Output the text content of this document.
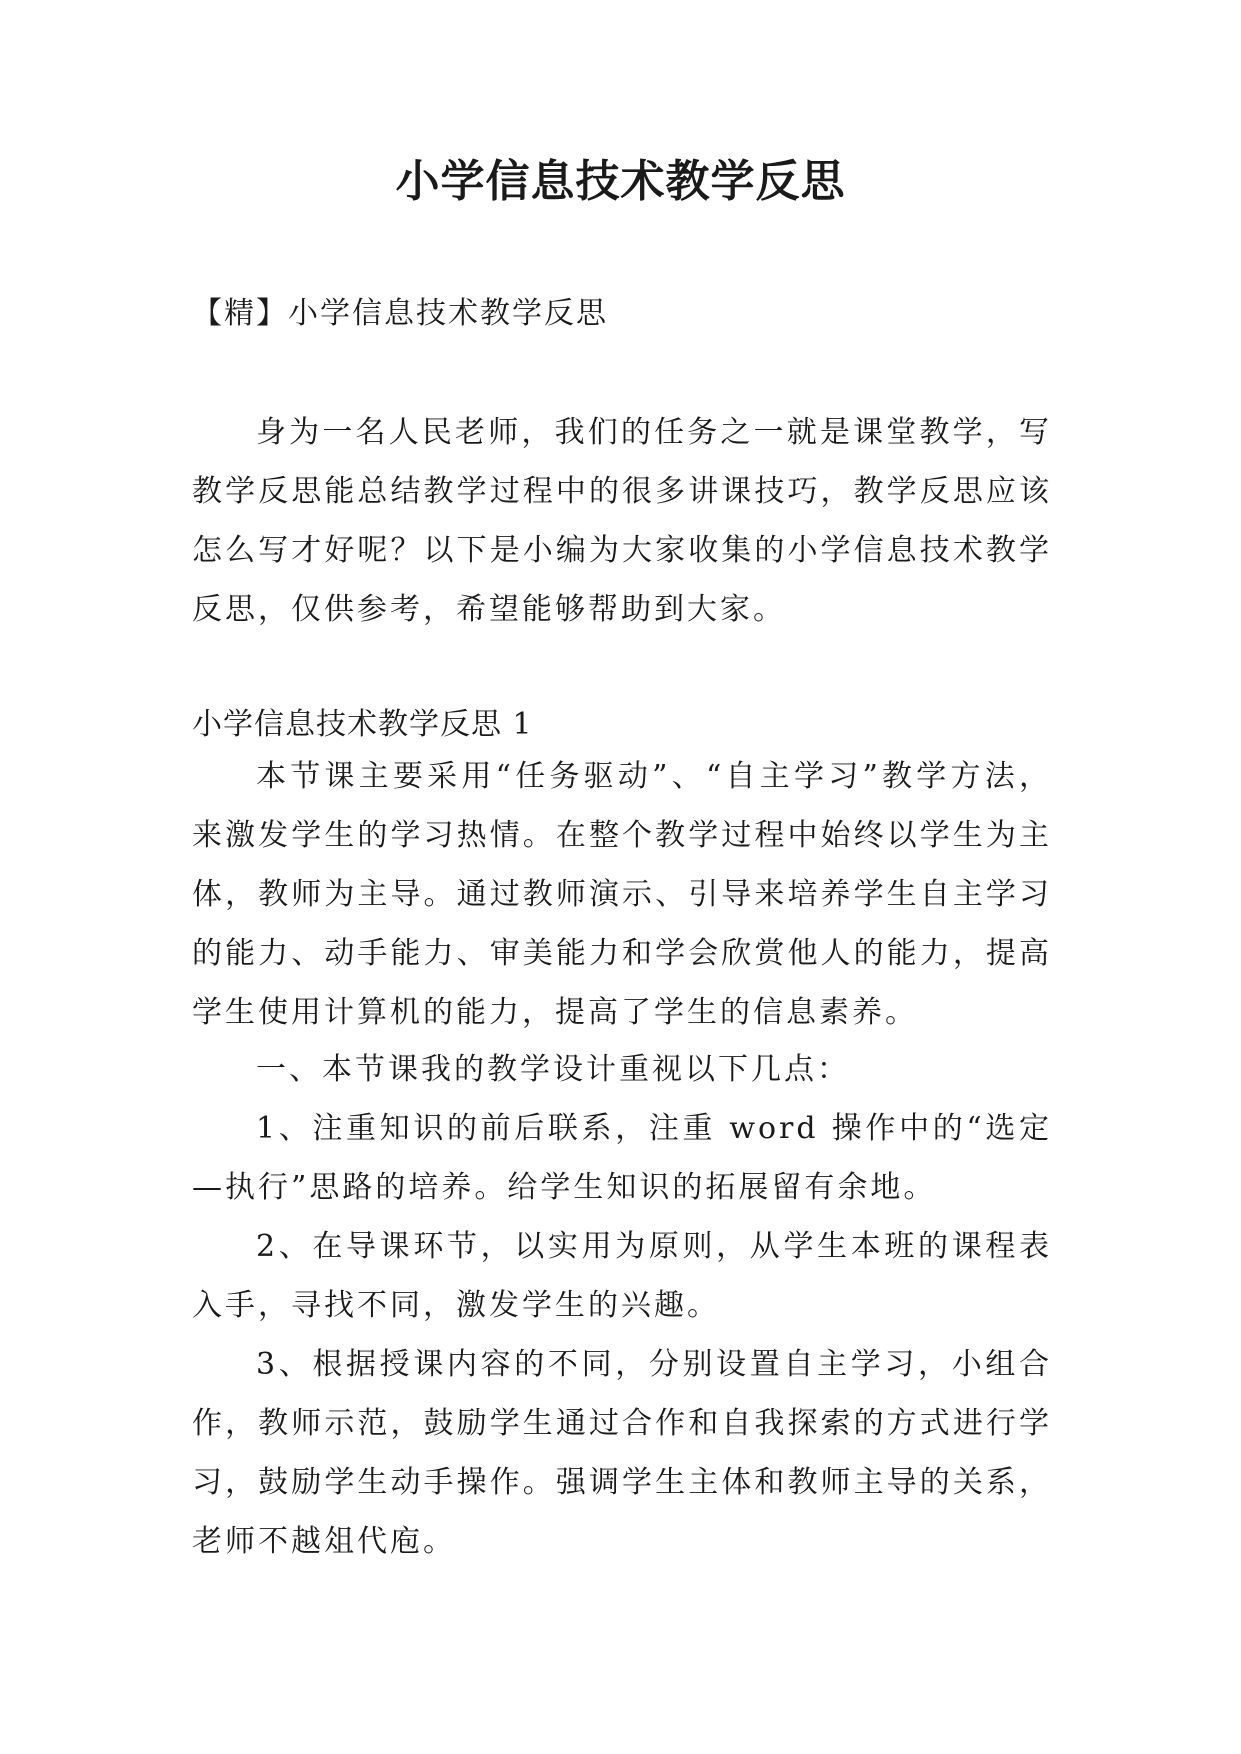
小学信息技术教学反思

【精】小学信息技术教学反思

身为一名人民老师，我们的任务之一就是课堂教学，写教学反思能总结教学过程中的很多讲课技巧，教学反思应该怎么写才好呢？以下是小编为大家收集的小学信息技术教学反思，仅供参考，希望能够帮助到大家。

小学信息技术教学反思 1

本节课主要采用“任务驱动”、“自主学习”教学方法，来激发学生的学习热情。在整个教学过程中始终以学生为主体，教师为主导。通过教师演示、引导来培养学生自主学习的能力、动手能力、审美能力和学会欣赏他人的能力，提高学生使用计算机的能力，提高了学生的信息素养。

一、本节课我的教学设计重视以下几点：

1、注重知识的前后联系，注重 word 操作中的“选定—执行”思路的培养。给学生知识的拓展留有余地。

2、在导课环节，以实用为原则，从学生本班的课程表入手，寻找不同，激发学生的兴趣。

3、根据授课内容的不同，分别设置自主学习，小组合作，教师示范，鼓励学生通过合作和自我探索的方式进行学习，鼓励学生动手操作。强调学生主体和教师主导的关系，老师不越俎代庖。
